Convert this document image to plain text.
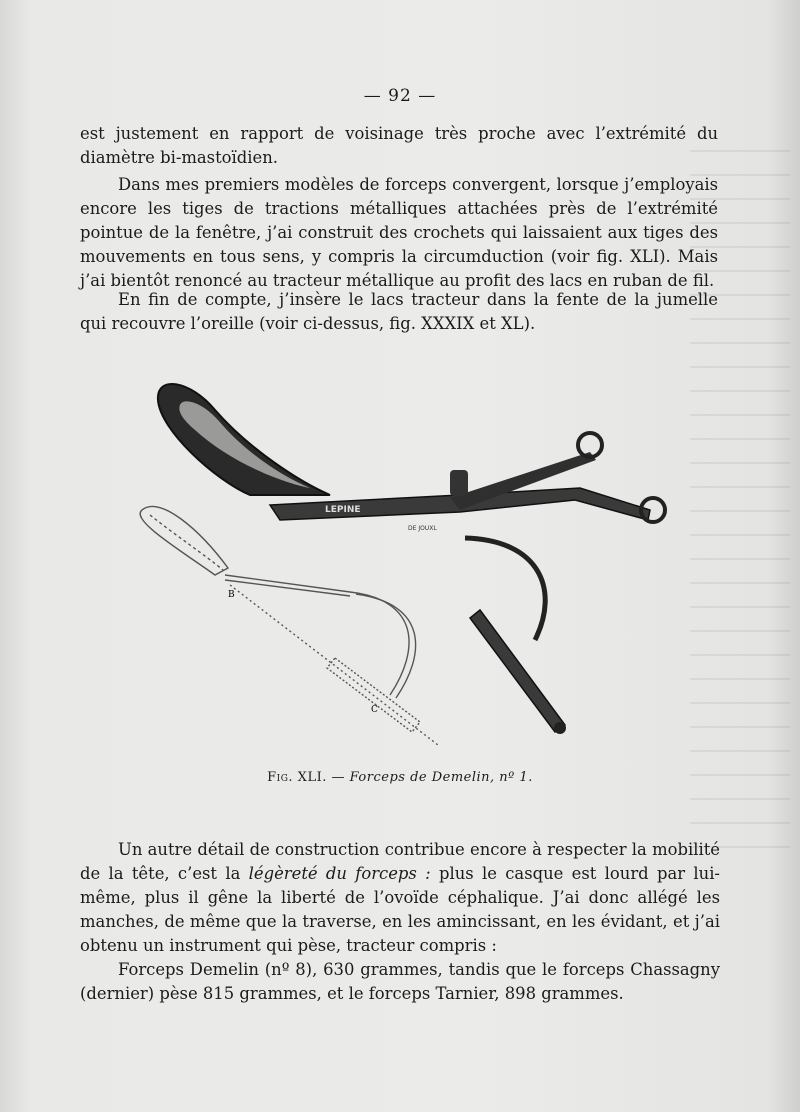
— 92 —

est justement en rapport de voisinage très proche avec l’extrémité du diamètre bi-mastoïdien.

Dans mes premiers modèles de forceps convergent, lorsque j’employais encore les tiges de tractions métalliques attachées près de l’extrémité pointue de la fenêtre, j’ai construit des crochets qui laissaient aux tiges des mouvements en tous sens, y compris la circumduction (voir fig. XLI). Mais j’ai bientôt renoncé au tracteur métallique au profit des lacs en ruban de fil.

En fin de compte, j’insère le lacs tracteur dans la fente de la jumelle qui recouvre l’oreille (voir ci-dessus, fig. XXXIX et XL).

LEPINE
DE JOUXL
B
C
Fig. XLI. — Forceps de Demelin, nº 1.

Un autre détail de construction contribue encore à respecter la mobilité de la tête, c’est la légèreté du forceps : plus le casque est lourd par lui-même, plus il gêne la liberté de l’ovoïde céphalique. J’ai donc allégé les manches, de même que la traverse, en les amincissant, en les évidant, et j’ai obtenu un instrument qui pèse, tracteur compris :

Forceps Demelin (nº 8), 630 grammes, tandis que le forceps Chassagny (dernier) pèse 815 grammes, et le forceps Tarnier, 898 grammes.
